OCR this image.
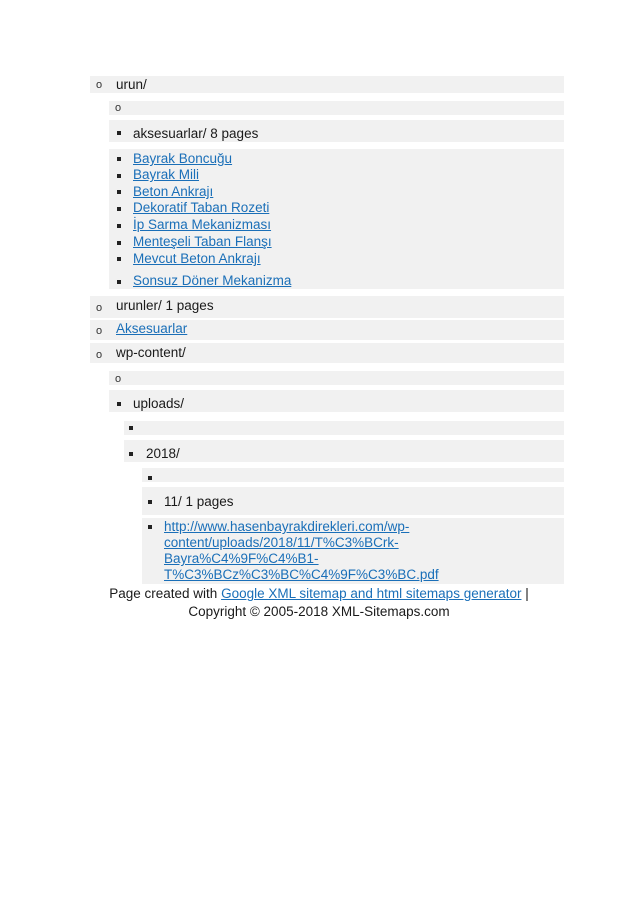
o urun/
o
aksesuarlar/ 8 pages
Bayrak Boncuğu
Bayrak Mili
Beton Ankrajı
Dekoratif Taban Rozeti
İp Sarma Mekanizması
Menteşeli Taban Flanşı
Mevcut Beton Ankrajı
Sonsuz Döner Mekanizma
o urunler/ 1 pages
o Aksesuarlar
o wp-content/
o
uploads/
2018/
11/ 1 pages
http://www.hasenbayrakdirekleri.com/wp-
content/uploads/2018/11/T%C3%BCrk-
Bayra%C4%9F%C4%B1-
T%C3%BCz%C3%BC%C4%9F%C3%BC.pdf
Page created with Google XML sitemap and html sitemaps generator |
Copyright © 2005-2018 XML-Sitemaps.com
